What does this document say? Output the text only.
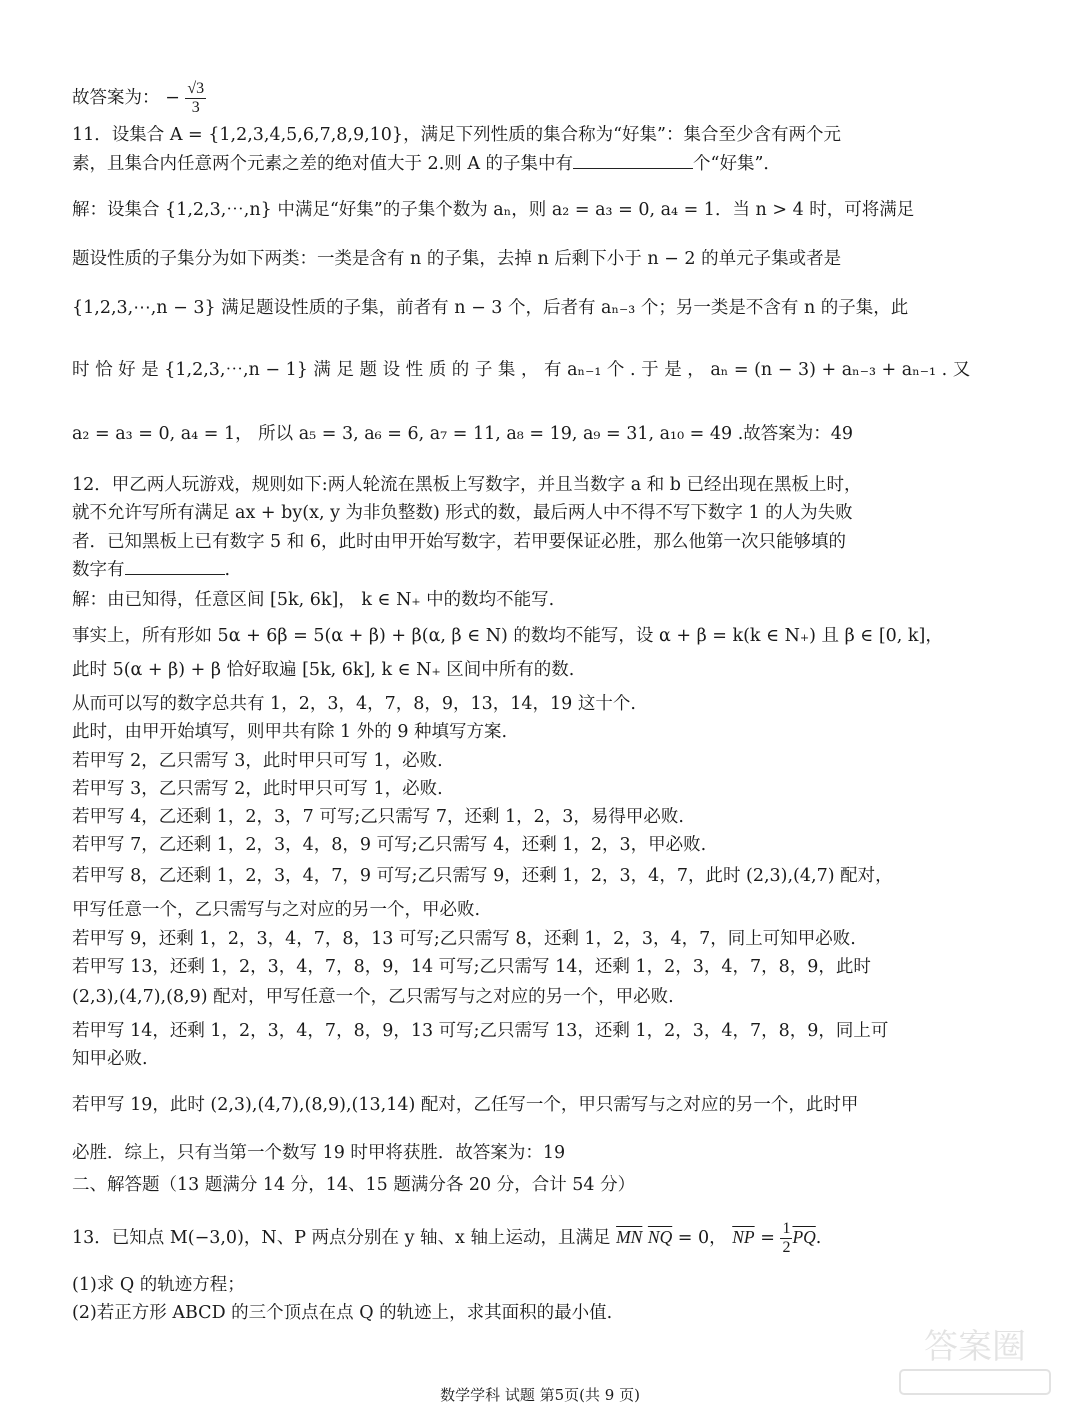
故答案为： − $\frac{√3}{3}$
11．设集合 A = {1,2,3,4,5,6,7,8,9,10}，满足下列性质的集合称为“好集”：集合至少含有两个元
素，且集合内任意两个元素之差的绝对值大于 2.则 A 的子集中有	个“好集”．
解：设集合 {1,2,3,⋯,n} 中满足“好集”的子集个数为 aₙ，则 a₂ = a₃ = 0, a₄ = 1．当 n > 4 时，可将满足
题设性质的子集分为如下两类：一类是含有 n 的子集，去掉 n 后剩下小于 n − 2 的单元子集或者是
{1,2,3,⋯,n − 3} 满足题设性质的子集，前者有 n − 3 个，后者有 aₙ₋₃ 个；另一类是不含有 n 的子集，此
时 恰 好 是 {1,2,3,⋯,n − 1} 满 足 题 设 性 质 的 子 集 ， 有 aₙ₋₁ 个 . 于 是 ， aₙ = (n − 3) + aₙ₋₃ + aₙ₋₁ . 又
a₂ = a₃ = 0, a₄ = 1， 所以 a₅ = 3, a₆ = 6, a₇ = 11, a₈ = 19, a₉ = 31, a₁₀ = 49 .故答案为：49
12．甲乙两人玩游戏，规则如下:两人轮流在黑板上写数字，并且当数字 a 和 b 已经出现在黑板上时，
就不允许写所有满足 ax + by(x, y 为非负整数) 形式的数，最后两人中不得不写下数字 1 的人为失败
者．已知黑板上已有数字 5 和 6，此时由甲开始写数字，若甲要保证必胜，那么他第一次只能够填的
数字有	.
解：由已知得，任意区间 [5k, 6k]， k ∈ N₊ 中的数均不能写.
事实上，所有形如 5α + 6β = 5(α + β) + β(α, β ∈ N) 的数均不能写，设 α + β = k(k ∈ N₊) 且 β ∈ [0, k]，
此时 5(α + β) + β 恰好取遍 [5k, 6k], k ∈ N₊ 区间中所有的数.
从而可以写的数字总共有 1，2，3，4，7，8，9，13，14，19 这十个.
此时，由甲开始填写，则甲共有除 1 外的 9 种填写方案.
若甲写 2，乙只需写 3，此时甲只可写 1，必败.
若甲写 3，乙只需写 2，此时甲只可写 1，必败.
若甲写 4，乙还剩 1，2，3，7 可写;乙只需写 7，还剩 1，2，3，易得甲必败.
若甲写 7，乙还剩 1，2，3，4，8，9 可写;乙只需写 4，还剩 1，2，3，甲必败.
若甲写 8，乙还剩 1，2，3，4，7，9 可写;乙只需写 9，还剩 1，2，3，4，7，此时 (2,3),(4,7) 配对，
甲写任意一个，乙只需写与之对应的另一个，甲必败.
若甲写 9，还剩 1，2，3，4，7，8，13 可写;乙只需写 8，还剩 1，2，3，4，7，同上可知甲必败.
若甲写 13，还剩 1，2，3，4，7，8，9，14 可写;乙只需写 14，还剩 1，2，3，4，7，8，9，此时
(2,3),(4,7),(8,9) 配对，甲写任意一个，乙只需写与之对应的另一个，甲必败.
若甲写 14，还剩 1，2，3，4，7，8，9，13 可写;乙只需写 13，还剩 1，2，3，4，7，8，9，同上可
知甲必败.
若甲写 19，此时 (2,3),(4,7),(8,9),(13,14) 配对，乙任写一个，甲只需写与之对应的另一个，此时甲
必胜．综上，只有当第一个数写 19 时甲将获胜．故答案为：19
二、解答题（13 题满分 14 分，14、15 题满分各 20 分，合计 54 分）
13．已知点 M(−3,0)，N、P 两点分别在 y 轴、x 轴上运动，且满足 $\overline{MN}$ $\overline{NQ} = 0$， $\overline{NP} = \frac{1}{2} \overline{PQ}$.
(1)求 Q 的轨迹方程；
(2)若正方形 ABCD 的三个顶点在点 Q 的轨迹上，求其面积的最小值.
答案圈
数学学科 试题 第5页(共 9 页)
